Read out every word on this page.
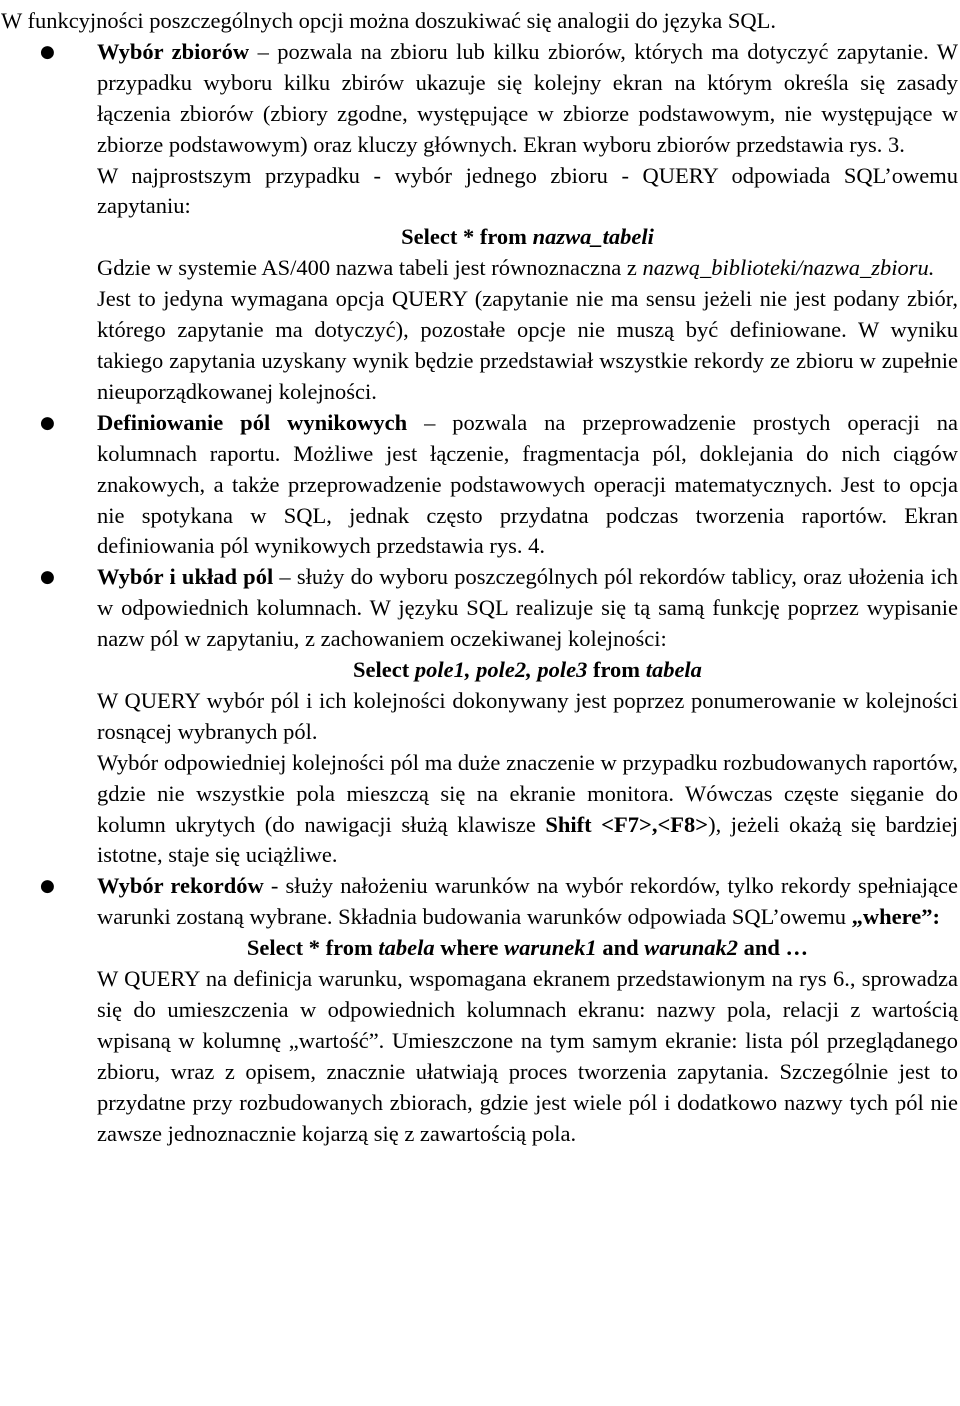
W funkcyjności poszczególnych opcji można doszukiwać się analogii do języka SQL.

●	Wybór zbiorów – pozwala na zbioru lub kilku zbiorów, których ma dotyczyć zapytanie. W przypadku wyboru kilku zbirów ukazuje się kolejny ekran na którym określa się zasady łączenia zbiorów (zbiory zgodne, występujące w zbiorze podstawowym, nie występujące w zbiorze podstawowym) oraz kluczy głównych. Ekran wyboru zbiorów przedstawia rys. 3.

W najprostszym przypadku - wybór jednego zbioru - QUERY odpowiada SQL’owemu zapytaniu:

Select * from nazwa_tabeli

Gdzie w systemie AS/400 nazwa tabeli jest równoznaczna z nazwą_biblioteki/nazwa_zbioru.

Jest to jedyna wymagana opcja QUERY (zapytanie nie ma sensu jeżeli nie jest podany zbiór, którego zapytanie ma dotyczyć), pozostałe opcje nie muszą być definiowane. W wyniku takiego zapytania uzyskany wynik będzie przedstawiał wszystkie rekordy ze zbioru w zupełnie nieuporządkowanej kolejności.

●	Definiowanie pól wynikowych – pozwala na przeprowadzenie prostych operacji na kolumnach raportu. Możliwe jest łączenie, fragmentacja pól, doklejania do nich ciągów znakowych, a także przeprowadzenie podstawowych operacji matematycznych. Jest to opcja nie spotykana w SQL, jednak często przydatna podczas tworzenia raportów. Ekran definiowania pól wynikowych przedstawia rys. 4.

●	Wybór i układ pól – służy do wyboru poszczególnych pól rekordów tablicy, oraz ułożenia ich w odpowiednich kolumnach. W języku SQL realizuje się tą samą funkcję poprzez wypisanie nazw pól w zapytaniu, z zachowaniem oczekiwanej kolejności:

Select pole1, pole2, pole3 from tabela

W QUERY wybór pól i ich kolejności dokonywany jest poprzez ponumerowanie w kolejności rosnącej wybranych pól.

Wybór odpowiedniej kolejności pól ma duże znaczenie w przypadku rozbudowanych raportów, gdzie nie wszystkie pola mieszczą się na ekranie monitora. Wówczas częste sięganie do kolumn ukrytych (do nawigacji służą klawisze Shift <F7>,<F8>), jeżeli okażą się bardziej istotne, staje się uciążliwe.

●	Wybór rekordów - służy nałożeniu warunków na wybór rekordów, tylko rekordy spełniające warunki zostaną wybrane. Składnia budowania warunków odpowiada SQL’owemu „where”:

Select * from tabela where warunek1 and warunak2 and …

W QUERY na definicja warunku, wspomagana ekranem przedstawionym na rys 6., sprowadza się do umieszczenia w odpowiednich kolumnach ekranu: nazwy pola, relacji z wartością wpisaną w kolumnę „wartość”. Umieszczone na tym samym ekranie: lista pól przeglądanego zbioru, wraz z opisem, znacznie ułatwiają proces tworzenia zapytania. Szczególnie jest to przydatne przy rozbudowanych zbiorach, gdzie jest wiele pól i dodatkowo nazwy tych pól nie zawsze jednoznacznie kojarzą się z zawartością pola.
